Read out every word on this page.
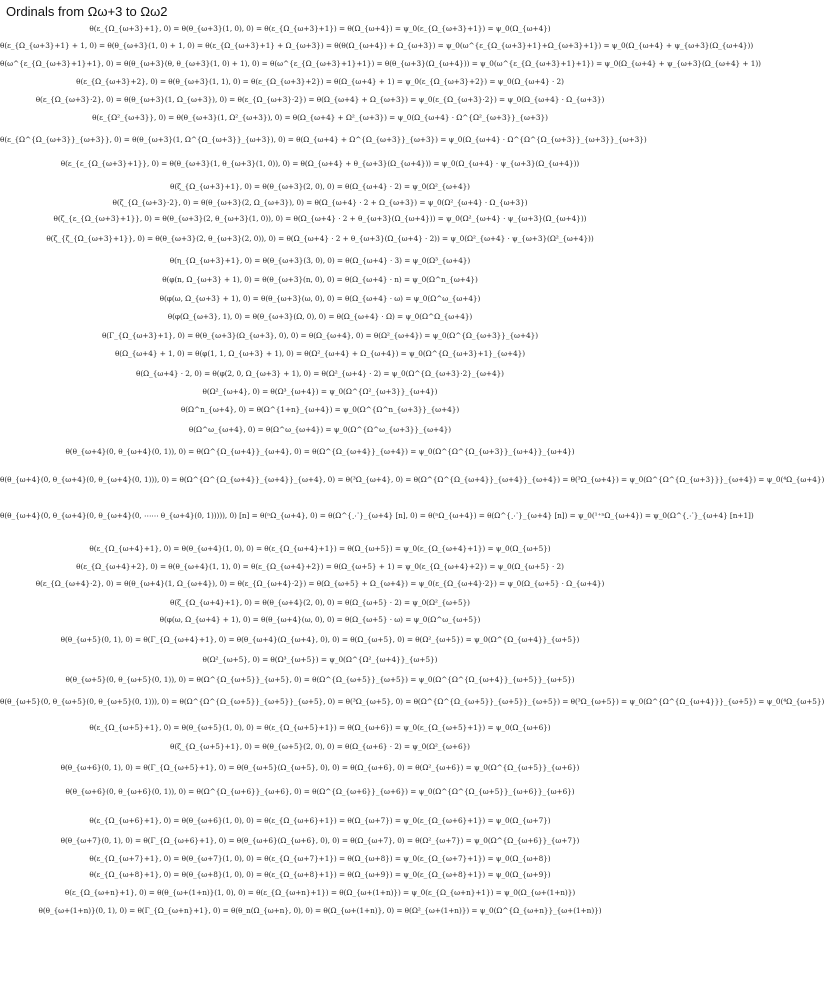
Ordinals from Ωω+3 to Ωω2
θ(ε_{Ω_{ω+3}+1}, 0) = θ(θ_{ω+3}(1, 0), 0) = θ(ε_{Ω_{ω+3}+1}) = θ(Ω_{ω+4}) = ψ_0(ε_{Ω_{ω+3}+1}) = ψ_0(Ω_{ω+4})
θ(ε_{Ω_{ω+3}+1} + 1, 0) = θ(θ_{ω+3}(1, 0) + 1, 0) = θ(ε_{Ω_{ω+3}+1} + Ω_{ω+3}) = θ(θ(Ω_{ω+4}) + Ω_{ω+3}) = ψ_0(ω^{ε_{Ω_{ω+3}+1}+Ω_{ω+3}+1}) = ψ_0(Ω_{ω+4} + ψ_{ω+3}(Ω_{ω+4}))
θ(ω^{ε_{Ω_{ω+3}+1}+1}, 0) = θ(θ_{ω+3}(θ, θ_{ω+3}(1, 0) + 1), 0) = θ(ω^{ε_{Ω_{ω+3}+1}+1}) = θ(θ_{ω+3}(Ω_{ω+4})) = ψ_0(ω^{ε_{Ω_{ω+3}+1}+1}) = ψ_0(Ω_{ω+4} + ψ_{ω+3}(Ω_{ω+4} + 1))
θ(ε_{Ω_{ω+3}+2}, 0) = θ(θ_{ω+3}(1, 1), 0) = θ(ε_{Ω_{ω+3}+2}) = θ(Ω_{ω+4} + 1) = ψ_0(ε_{Ω_{ω+3}+2}) = ψ_0(Ω_{ω+4} · 2)
θ(ε_{Ω_{ω+3}·2}, 0) = θ(θ_{ω+3}(1, Ω_{ω+3}), 0) = θ(ε_{Ω_{ω+3}·2}) = θ(Ω_{ω+4} + Ω_{ω+3}) = ψ_0(ε_{Ω_{ω+3}·2}) = ψ_0(Ω_{ω+4} · Ω_{ω+3})
θ(ε_{Ω²_{ω+3}}, 0) = θ(θ_{ω+3}(1, Ω²_{ω+3}), 0) = θ(Ω_{ω+4} + Ω²_{ω+3}) = ψ_0(Ω_{ω+4} · Ω^{Ω²_{ω+3}}_{ω+3})
θ(ε_{Ω^{Ω_{ω+3}}_{ω+3}}, 0) = θ(θ_{ω+3}(1, Ω^{Ω_{ω+3}}_{ω+3}), 0) = θ(Ω_{ω+4} + Ω^{Ω_{ω+3}}_{ω+3}) = ψ_0(Ω_{ω+4} · Ω^{Ω^{Ω_{ω+3}}_{ω+3}}_{ω+3})
θ(ε_{ε_{Ω_{ω+3}+1}}, 0) = θ(θ_{ω+3}(1, θ_{ω+3}(1, 0)), 0) = θ(Ω_{ω+4} + θ_{ω+3}(Ω_{ω+4})) = ψ_0(Ω_{ω+4} · ψ_{ω+3}(Ω_{ω+4}))
θ(ζ_{Ω_{ω+3}+1}, 0) = θ(θ_{ω+3}(2, 0), 0) = θ(Ω_{ω+4} · 2) = ψ_0(Ω²_{ω+4})
θ(ζ_{Ω_{ω+3}·2}, 0) = θ(θ_{ω+3}(2, Ω_{ω+3}), 0) = θ(Ω_{ω+4} · 2 + Ω_{ω+3}) = ψ_0(Ω²_{ω+4} · Ω_{ω+3})
θ(ζ_{ε_{Ω_{ω+3}+1}}, 0) = θ(θ_{ω+3}(2, θ_{ω+3}(1, 0)), 0) = θ(Ω_{ω+4} · 2 + θ_{ω+3}(Ω_{ω+4})) = ψ_0(Ω²_{ω+4} · ψ_{ω+3}(Ω_{ω+4}))
θ(ζ_{ζ_{Ω_{ω+3}+1}}, 0) = θ(θ_{ω+3}(2, θ_{ω+3}(2, 0)), 0) = θ(Ω_{ω+4} · 2 + θ_{ω+3}(Ω_{ω+4} · 2)) = ψ_0(Ω²_{ω+4} · ψ_{ω+3}(Ω²_{ω+4}))
θ(η_{Ω_{ω+3}+1}, 0) = θ(θ_{ω+3}(3, 0), 0) = θ(Ω_{ω+4} · 3) = ψ_0(Ω³_{ω+4})
θ(φ(n, Ω_{ω+3} + 1), 0) = θ(θ_{ω+3}(n, 0), 0) = θ(Ω_{ω+4} · n) = ψ_0(Ω^n_{ω+4})
θ(φ(ω, Ω_{ω+3} + 1), 0) = θ(θ_{ω+3}(ω, 0), 0) = θ(Ω_{ω+4} · ω) = ψ_0(Ω^ω_{ω+4})
θ(φ(Ω_{ω+3}, 1), 0) = θ(θ_{ω+3}(Ω, 0), 0) = θ(Ω_{ω+4} · Ω) = ψ_0(Ω^Ω_{ω+4})
θ(Γ_{Ω_{ω+3}+1}, 0) = θ(θ_{ω+3}(Ω_{ω+3}, 0), 0) = θ(Ω_{ω+4}, 0) = θ(Ω²_{ω+4}) = ψ_0(Ω^{Ω_{ω+3}}_{ω+4})
θ(Ω_{ω+4} + 1, 0) = θ(φ(1, 1, Ω_{ω+3} + 1), 0) = θ(Ω²_{ω+4} + Ω_{ω+4}) = ψ_0(Ω^{Ω_{ω+3}+1}_{ω+4})
θ(Ω_{ω+4} · 2, 0) = θ(φ(2, 0, Ω_{ω+3} + 1), 0) = θ(Ω²_{ω+4} · 2) = ψ_0(Ω^{Ω_{ω+3}·2}_{ω+4})
θ(Ω²_{ω+4}, 0) = θ(Ω³_{ω+4}) = ψ_0(Ω^{Ω²_{ω+3}}_{ω+4})
θ(Ω^n_{ω+4}, 0) = θ(Ω^{1+n}_{ω+4}) = ψ_0(Ω^{Ω^n_{ω+3}}_{ω+4})
θ(Ω^ω_{ω+4}, 0) = θ(Ω^ω_{ω+4}) = ψ_0(Ω^{Ω^ω_{ω+3}}_{ω+4})
θ(θ_{ω+4}(0, θ_{ω+4}(0, 1)), 0) = θ(Ω^{Ω_{ω+4}}_{ω+4}, 0) = θ(Ω^{Ω_{ω+4}}_{ω+4}) = ψ_0(Ω^{Ω^{Ω_{ω+3}}_{ω+4}}_{ω+4})
θ(θ_{ω+4}(0, θ_{ω+4}(0, θ_{ω+4}(0, 1))), 0) = θ(Ω^{Ω^{Ω_{ω+4}}_{ω+4}}_{ω+4}, 0) = θ(³Ω_{ω+4}, 0) = θ(Ω^{Ω^{Ω_{ω+4}}_{ω+4}}_{ω+4}) = θ(³Ω_{ω+4}) = ψ_0(Ω^{Ω^{Ω_{ω+3}}}_{ω+4}) = ψ_0(⁴Ω_{ω+4})
θ(θ_{ω+4}(0, θ_{ω+4}(0, θ_{ω+4}(0, ⋯⋯ θ_{ω+4}(0, 1))))), 0) [n] = θ(ⁿΩ_{ω+4}, 0) = θ(Ω^{⋰}_{ω+4} [n], 0) = θ(ⁿΩ_{ω+4}) = θ(Ω^{⋰}_{ω+4} [n]) = ψ_0(¹⁺ⁿΩ_{ω+4}) = ψ_0(Ω^{⋰}_{ω+4} [n+1])
θ(ε_{Ω_{ω+4}+1}, 0) = θ(θ_{ω+4}(1, 0), 0) = θ(ε_{Ω_{ω+4}+1}) = θ(Ω_{ω+5}) = ψ_0(ε_{Ω_{ω+4}+1}) = ψ_0(Ω_{ω+5})
θ(ε_{Ω_{ω+4}+2}, 0) = θ(θ_{ω+4}(1, 1), 0) = θ(ε_{Ω_{ω+4}+2}) = θ(Ω_{ω+5} + 1) = ψ_0(ε_{Ω_{ω+4}+2}) = ψ_0(Ω_{ω+5} · 2)
θ(ε_{Ω_{ω+4}·2}, 0) = θ(θ_{ω+4}(1, Ω_{ω+4}), 0) = θ(ε_{Ω_{ω+4}·2}) = θ(Ω_{ω+5} + Ω_{ω+4}) = ψ_0(ε_{Ω_{ω+4}·2}) = ψ_0(Ω_{ω+5} · Ω_{ω+4})
θ(ζ_{Ω_{ω+4}+1}, 0) = θ(θ_{ω+4}(2, 0), 0) = θ(Ω_{ω+5} · 2) = ψ_0(Ω²_{ω+5})
θ(φ(ω, Ω_{ω+4} + 1), 0) = θ(θ_{ω+4}(ω, 0), 0) = θ(Ω_{ω+5} · ω) = ψ_0(Ω^ω_{ω+5})
θ(θ_{ω+5}(0, 1), 0) = θ(Γ_{Ω_{ω+4}+1}, 0) = θ(θ_{ω+4}(Ω_{ω+4}, 0), 0) = θ(Ω_{ω+5}, 0) = θ(Ω²_{ω+5}) = ψ_0(Ω^{Ω_{ω+4}}_{ω+5})
θ(Ω²_{ω+5}, 0) = θ(Ω³_{ω+5}) = ψ_0(Ω^{Ω²_{ω+4}}_{ω+5})
θ(θ_{ω+5}(0, θ_{ω+5}(0, 1)), 0) = θ(Ω^{Ω_{ω+5}}_{ω+5}, 0) = θ(Ω^{Ω_{ω+5}}_{ω+5}) = ψ_0(Ω^{Ω^{Ω_{ω+4}}_{ω+5}}_{ω+5})
θ(θ_{ω+5}(0, θ_{ω+5}(0, θ_{ω+5}(0, 1))), 0) = θ(Ω^{Ω^{Ω_{ω+5}}_{ω+5}}_{ω+5}, 0) = θ(³Ω_{ω+5}, 0) = θ(Ω^{Ω^{Ω_{ω+5}}_{ω+5}}_{ω+5}) = θ(³Ω_{ω+5}) = ψ_0(Ω^{Ω^{Ω_{ω+4}}}_{ω+5}) = ψ_0(⁴Ω_{ω+5})
θ(ε_{Ω_{ω+5}+1}, 0) = θ(θ_{ω+5}(1, 0), 0) = θ(ε_{Ω_{ω+5}+1}) = θ(Ω_{ω+6}) = ψ_0(ε_{Ω_{ω+5}+1}) = ψ_0(Ω_{ω+6})
θ(ζ_{Ω_{ω+5}+1}, 0) = θ(θ_{ω+5}(2, 0), 0) = θ(Ω_{ω+6} · 2) = ψ_0(Ω²_{ω+6})
θ(θ_{ω+6}(0, 1), 0) = θ(Γ_{Ω_{ω+5}+1}, 0) = θ(θ_{ω+5}(Ω_{ω+5}, 0), 0) = θ(Ω_{ω+6}, 0) = θ(Ω²_{ω+6}) = ψ_0(Ω^{Ω_{ω+5}}_{ω+6})
θ(θ_{ω+6}(0, θ_{ω+6}(0, 1)), 0) = θ(Ω^{Ω_{ω+6}}_{ω+6}, 0) = θ(Ω^{Ω_{ω+6}}_{ω+6}) = ψ_0(Ω^{Ω^{Ω_{ω+5}}_{ω+6}}_{ω+6})
θ(ε_{Ω_{ω+6}+1}, 0) = θ(θ_{ω+6}(1, 0), 0) = θ(ε_{Ω_{ω+6}+1}) = θ(Ω_{ω+7}) = ψ_0(ε_{Ω_{ω+6}+1}) = ψ_0(Ω_{ω+7})
θ(θ_{ω+7}(0, 1), 0) = θ(Γ_{Ω_{ω+6}+1}, 0) = θ(θ_{ω+6}(Ω_{ω+6}, 0), 0) = θ(Ω_{ω+7}, 0) = θ(Ω²_{ω+7}) = ψ_0(Ω^{Ω_{ω+6}}_{ω+7})
θ(ε_{Ω_{ω+7}+1}, 0) = θ(θ_{ω+7}(1, 0), 0) = θ(ε_{Ω_{ω+7}+1}) = θ(Ω_{ω+8}) = ψ_0(ε_{Ω_{ω+7}+1}) = ψ_0(Ω_{ω+8})
θ(ε_{Ω_{ω+8}+1}, 0) = θ(θ_{ω+8}(1, 0), 0) = θ(ε_{Ω_{ω+8}+1}) = θ(Ω_{ω+9}) = ψ_0(ε_{Ω_{ω+8}+1}) = ψ_0(Ω_{ω+9})
θ(ε_{Ω_{ω+n}+1}, 0) = θ(θ_{ω+(1+n)}(1, 0), 0) = θ(ε_{Ω_{ω+n}+1}) = θ(Ω_{ω+(1+n)}) = ψ_0(ε_{Ω_{ω+n}+1}) = ψ_0(Ω_{ω+(1+n)})
θ(θ_{ω+(1+n)}(0, 1), 0) = θ(Γ_{Ω_{ω+n}+1}, 0) = θ(θ_n(Ω_{ω+n}, 0), 0) = θ(Ω_{ω+(1+n)}, 0) = θ(Ω²_{ω+(1+n)}) = ψ_0(Ω^{Ω_{ω+n}}_{ω+(1+n)})
